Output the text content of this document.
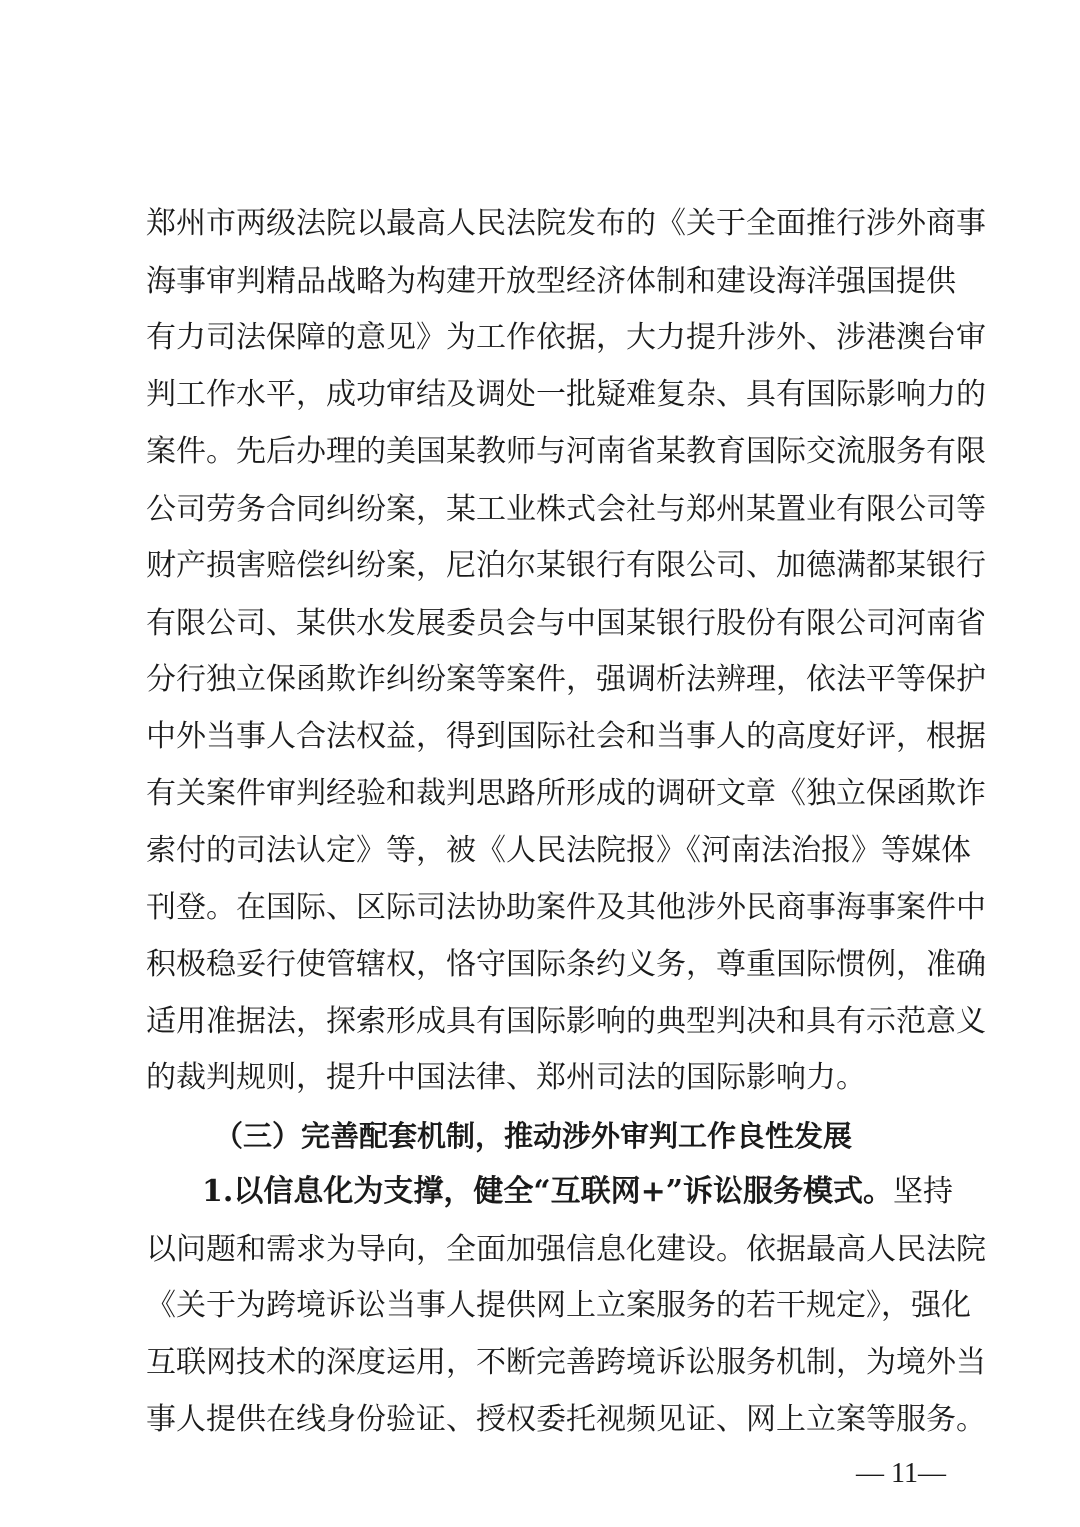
郑州市两级法院以最高人民法院发布的《关于全面推行涉外商事
海事审判精品战略为构建开放型经济体制和建设海洋强国提供
有力司法保障的意见》为工作依据，大力提升涉外、涉港澳台审
判工作水平，成功审结及调处一批疑难复杂、具有国际影响力的
案件。先后办理的美国某教师与河南省某教育国际交流服务有限
公司劳务合同纠纷案，某工业株式会社与郑州某置业有限公司等
财产损害赔偿纠纷案，尼泊尔某银行有限公司、加德满都某银行
有限公司、某供水发展委员会与中国某银行股份有限公司河南省
分行独立保函欺诈纠纷案等案件，强调析法辨理，依法平等保护
中外当事人合法权益，得到国际社会和当事人的高度好评，根据
有关案件审判经验和裁判思路所形成的调研文章《独立保函欺诈
索付的司法认定》等，被《人民法院报》《河南法治报》等媒体
刊登。在国际、区际司法协助案件及其他涉外民商事海事案件中
积极稳妥行使管辖权，恪守国际条约义务，尊重国际惯例，准确
适用准据法，探索形成具有国际影响的典型判决和具有示范意义
的裁判规则，提升中国法律、郑州司法的国际影响力。
（三）完善配套机制，推动涉外审判工作良性发展
1.以信息化为支撑，健全“互联网+”诉讼服务模式。坚持
以问题和需求为导向，全面加强信息化建设。依据最高人民法院
《关于为跨境诉讼当事人提供网上立案服务的若干规定》，强化
互联网技术的深度运用，不断完善跨境诉讼服务机制，为境外当
事人提供在线身份验证、授权委托视频见证、网上立案等服务。
— 11—
